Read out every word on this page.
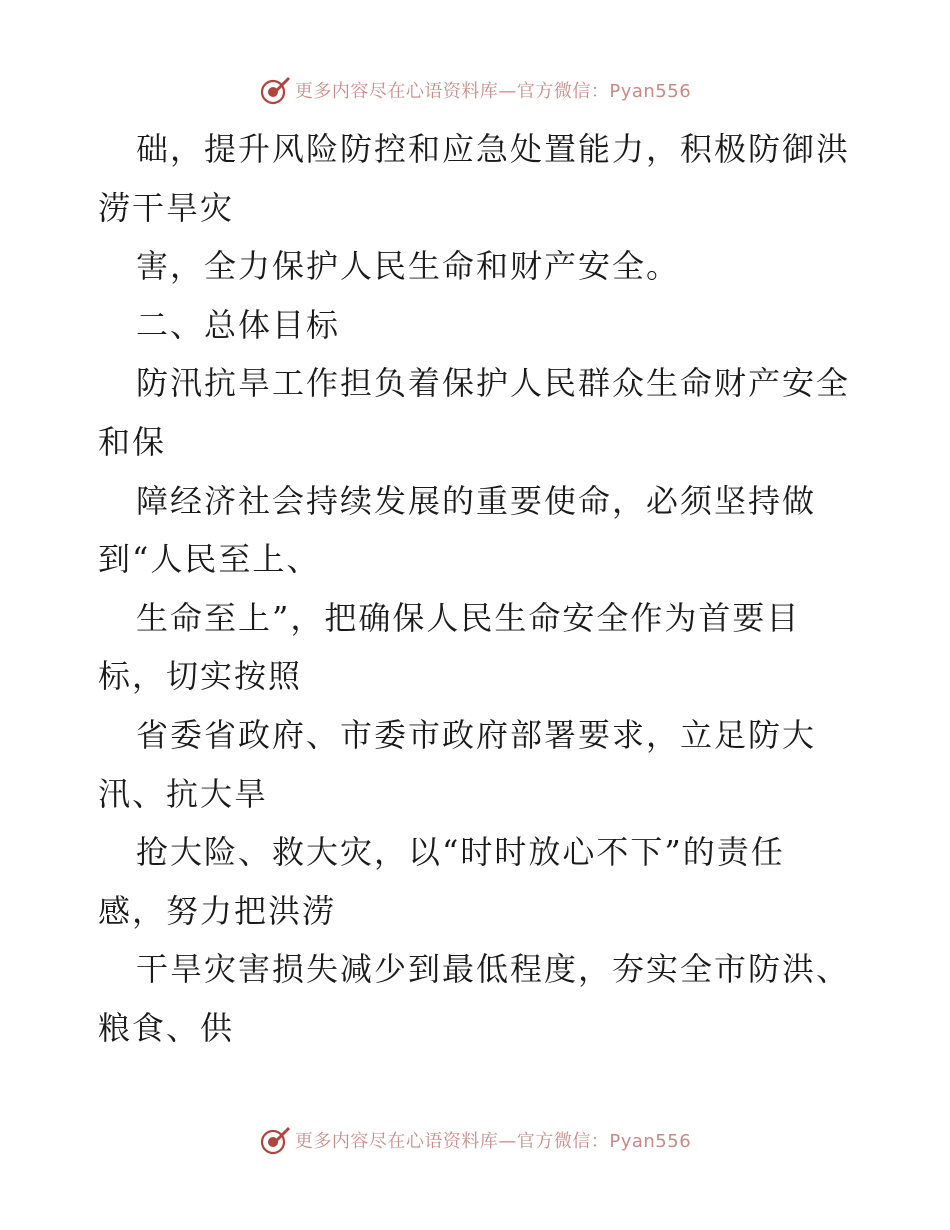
更多内容尽在心语资料库—官方微信：Pyan556
础，提升风险防控和应急处置能力，积极防御洪
涝干旱灾
害，全力保护人民生命和财产安全。
二、总体目标
防汛抗旱工作担负着保护人民群众生命财产安全
和保
障经济社会持续发展的重要使命，必须坚持做
到“人民至上、
生命至上”，把确保人民生命安全作为首要目
标，切实按照
省委省政府、市委市政府部署要求，立足防大
汛、抗大旱
抢大险、救大灾，以“时时放心不下”的责任
感，努力把洪涝
干旱灾害损失减少到最低程度，夯实全市防洪、
粮食、供
更多内容尽在心语资料库—官方微信：Pyan556
